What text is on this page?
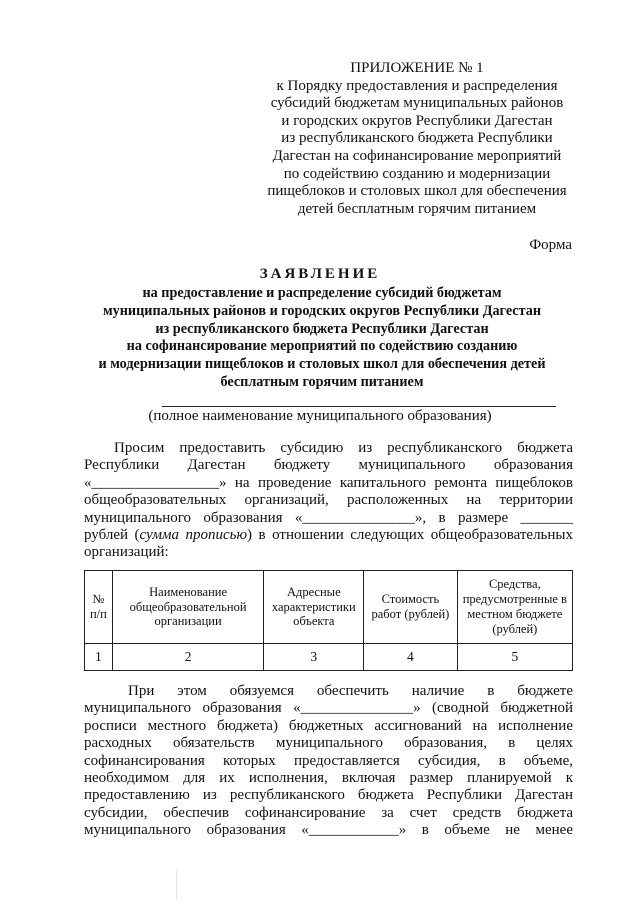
ПРИЛОЖЕНИЕ № 1
к Порядку предоставления и распределения
субсидий бюджетам муниципальных районов
и городских округов Республики Дагестан
из республиканского бюджета Республики
Дагестан на софинансирование мероприятий
по содействию созданию и модернизации
пищеблоков и столовых школ для обеспечения
детей бесплатным горячим питанием
Форма
ЗАЯВЛЕНИЕ
на предоставление и распределение субсидий бюджетам
муниципальных районов и городских округов Республики Дагестан
из республиканского бюджета Республики Дагестан
на софинансирование мероприятий по содействию созданию
и модернизации пищеблоков и столовых школ для обеспечения детей
бесплатным горячим питанием
(полное наименование муниципального образования)
Просим предоставить субсидию из республиканского бюджета
Республики Дагестан бюджету муниципального образования
«_________________» на проведение капитального ремонта пищеблоков
общеобразовательных организаций, расположенных на территории
муниципального образования «_______________», в размере _______
рублей (сумма прописью) в отношении следующих общеобразовательных
организаций:
№ п/п	Наименование общеобразовательной организации	Адресные характеристики объекта	Стоимость работ (рублей)	Средства, предусмотренные в местном бюджете (рублей)
1	2	3	4	5
При этом обязуемся обеспечить наличие в бюджете
муниципального образования «_______________» (сводной бюджетной
росписи местного бюджета) бюджетных ассигнований на исполнение
расходных обязательств муниципального образования, в целях
софинансирования которых предоставляется субсидия, в объеме,
необходимом для их исполнения, включая размер планируемой к
предоставлению из республиканского бюджета Республики Дагестан
субсидии, обеспечив софинансирование за счет средств бюджета
муниципального образования «____________» в объеме не менее
